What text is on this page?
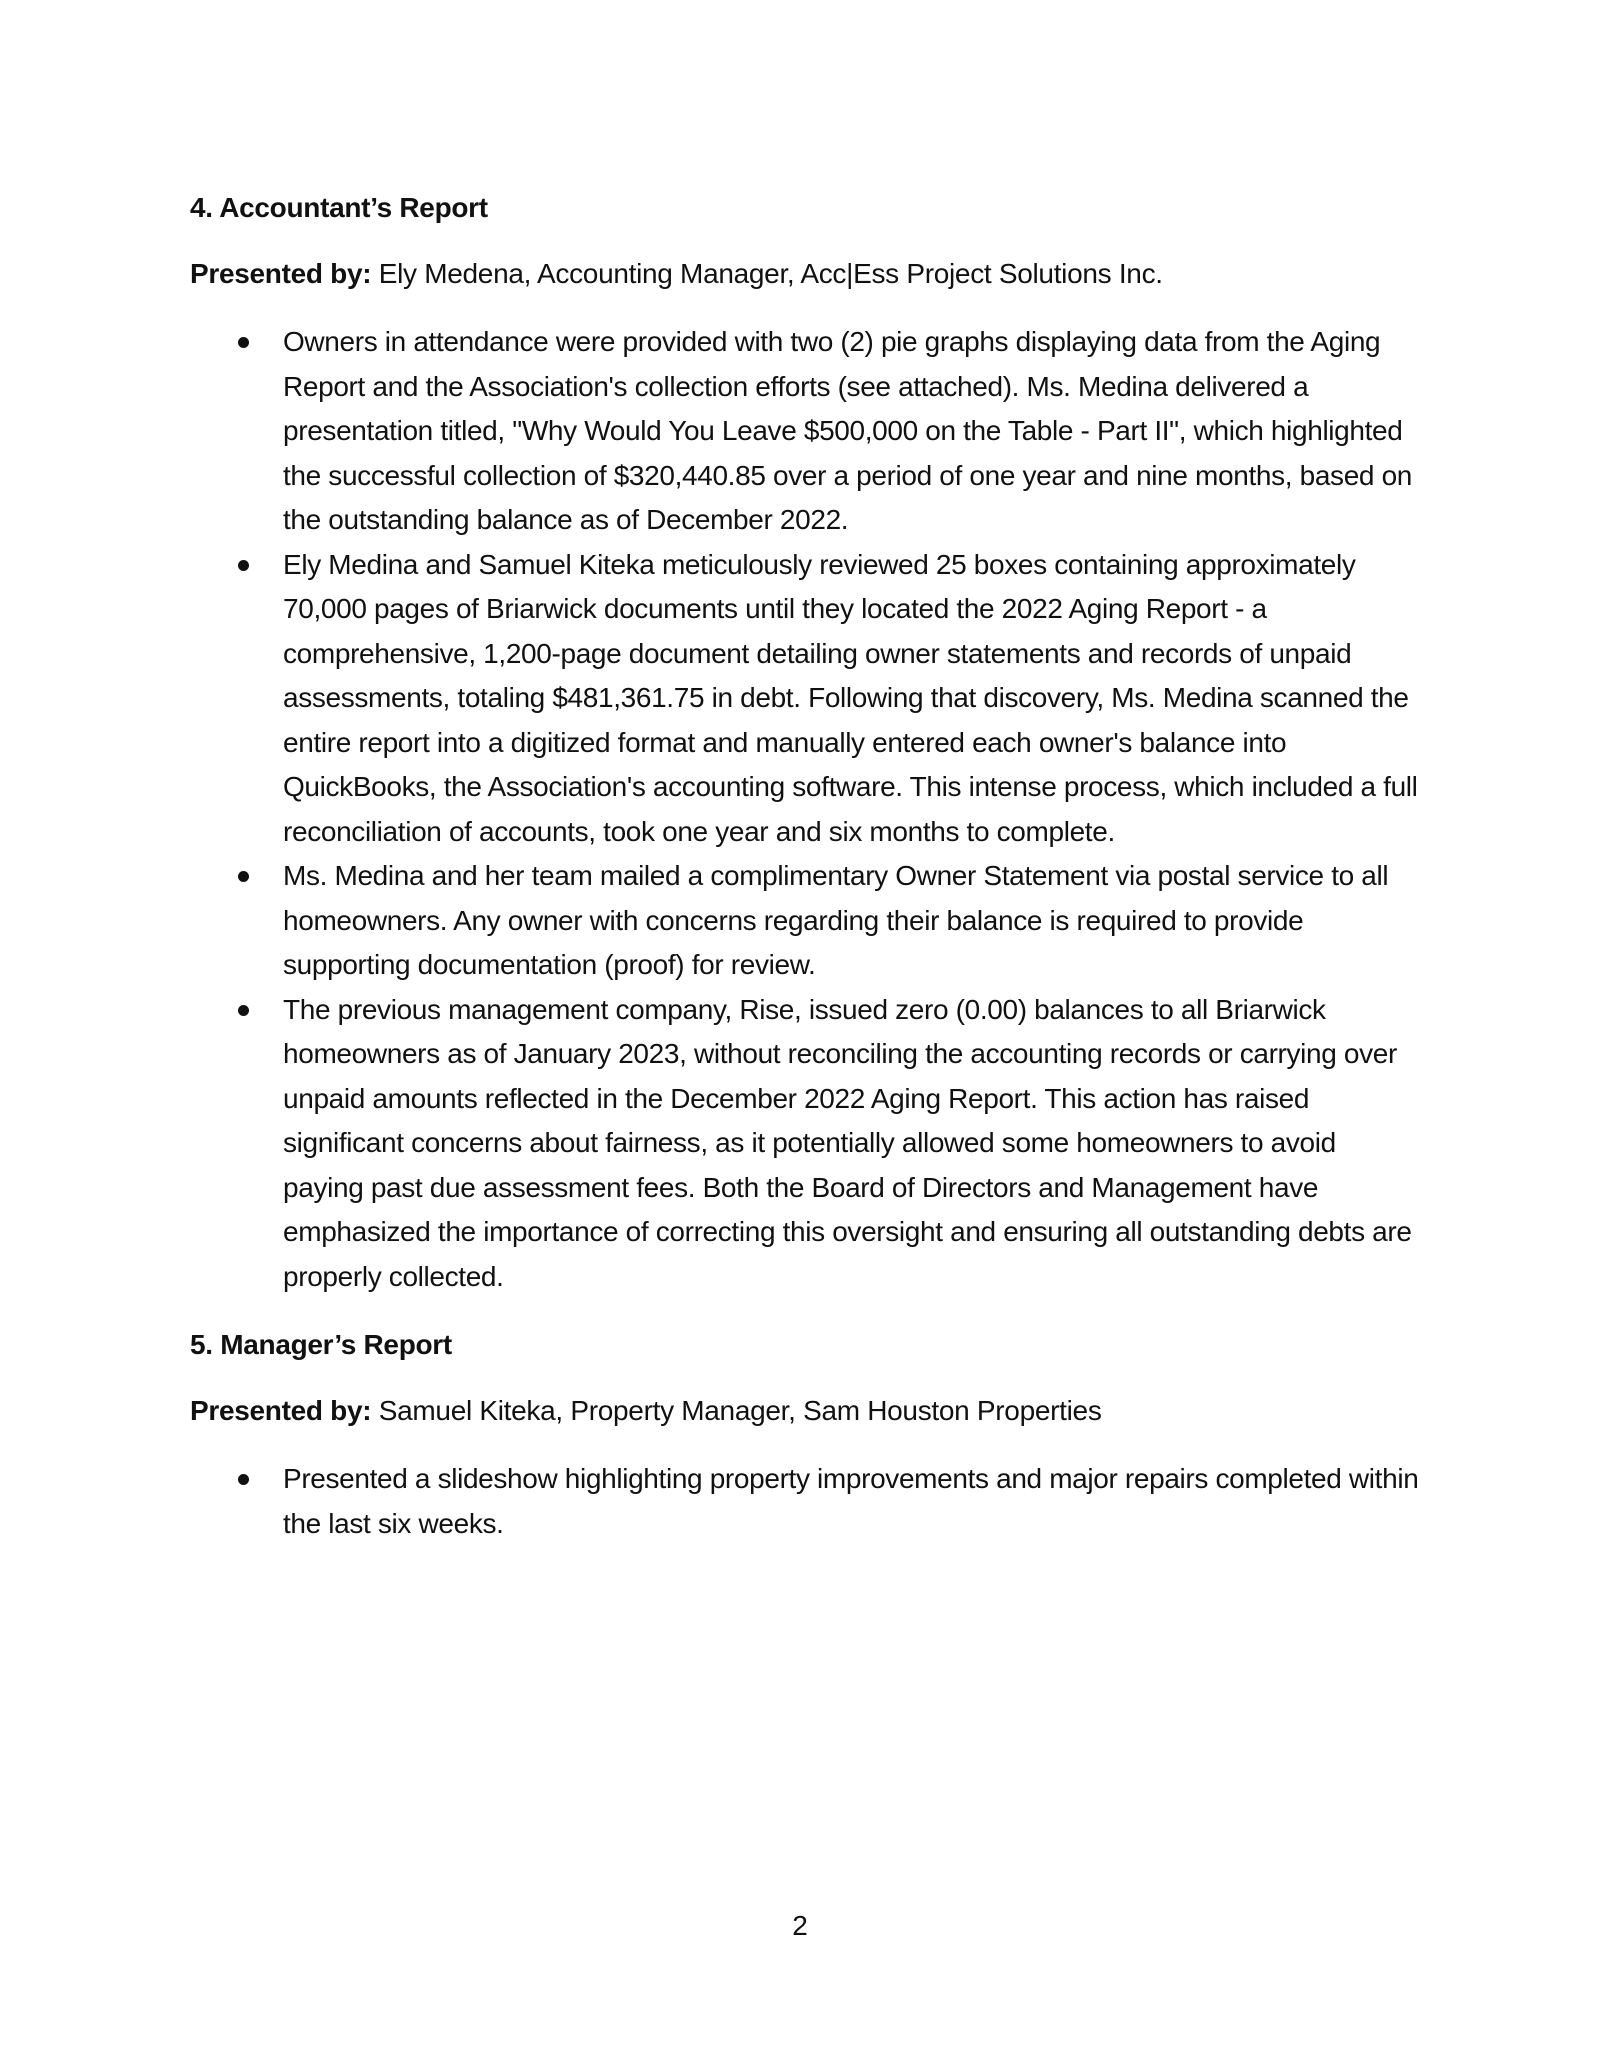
4. Accountant’s Report

Presented by: Ely Medena, Accounting Manager, Acc|Ess Project Solutions Inc.

Owners in attendance were provided with two (2) pie graphs displaying data from the Aging Report and the Association's collection efforts (see attached). Ms. Medina delivered a presentation titled, "Why Would You Leave $500,000 on the Table - Part II", which highlighted the successful collection of $320,440.85 over a period of one year and nine months, based on the outstanding balance as of December 2022.
Ely Medina and Samuel Kiteka meticulously reviewed 25 boxes containing approximately 70,000 pages of Briarwick documents until they located the 2022 Aging Report - a comprehensive, 1,200-page document detailing owner statements and records of unpaid assessments, totaling $481,361.75 in debt. Following that discovery, Ms. Medina scanned the entire report into a digitized format and manually entered each owner's balance into QuickBooks, the Association's accounting software. This intense process, which included a full reconciliation of accounts, took one year and six months to complete.
Ms. Medina and her team mailed a complimentary Owner Statement via postal service to all homeowners. Any owner with concerns regarding their balance is required to provide supporting documentation (proof) for review.
The previous management company, Rise, issued zero (0.00) balances to all Briarwick homeowners as of January 2023, without reconciling the accounting records or carrying over unpaid amounts reflected in the December 2022 Aging Report. This action has raised significant concerns about fairness, as it potentially allowed some homeowners to avoid paying past due assessment fees. Both the Board of Directors and Management have emphasized the importance of correcting this oversight and ensuring all outstanding debts are properly collected.
5. Manager’s Report

Presented by: Samuel Kiteka, Property Manager, Sam Houston Properties

Presented a slideshow highlighting property improvements and major repairs completed within the last six weeks.
2
